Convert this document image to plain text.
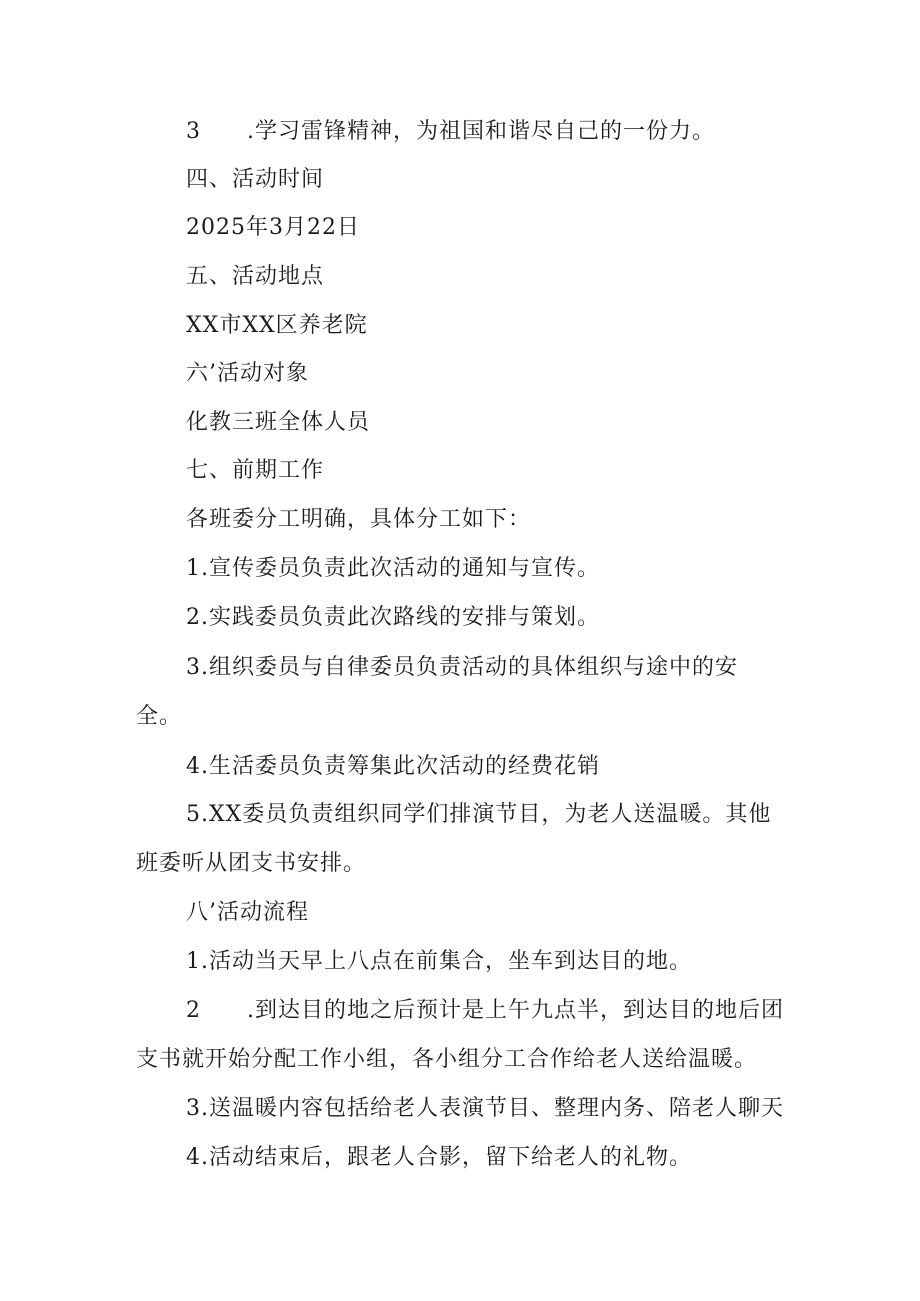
3　　.学习雷锋精神，为祖国和谐尽自己的一份力。
四、活动时间
2025年3月22日
五、活动地点
XX市XX区养老院
六’活动对象
化教三班全体人员
七、前期工作
各班委分工明确，具体分工如下：
1.宣传委员负责此次活动的通知与宣传。
2.实践委员负责此次路线的安排与策划。
3.组织委员与自律委员负责活动的具体组织与途中的安
全。
4.生活委员负责筹集此次活动的经费花销
5.XX委员负责组织同学们排演节目，为老人送温暖。其他
班委听从团支书安排。
八’活动流程
1.活动当天早上八点在前集合，坐车到达目的地。
2　　.到达目的地之后预计是上午九点半，到达目的地后团
支书就开始分配工作小组，各小组分工合作给老人送给温暖。
3.送温暖内容包括给老人表演节目、整理内务、陪老人聊天
4.活动结束后，跟老人合影，留下给老人的礼物。
